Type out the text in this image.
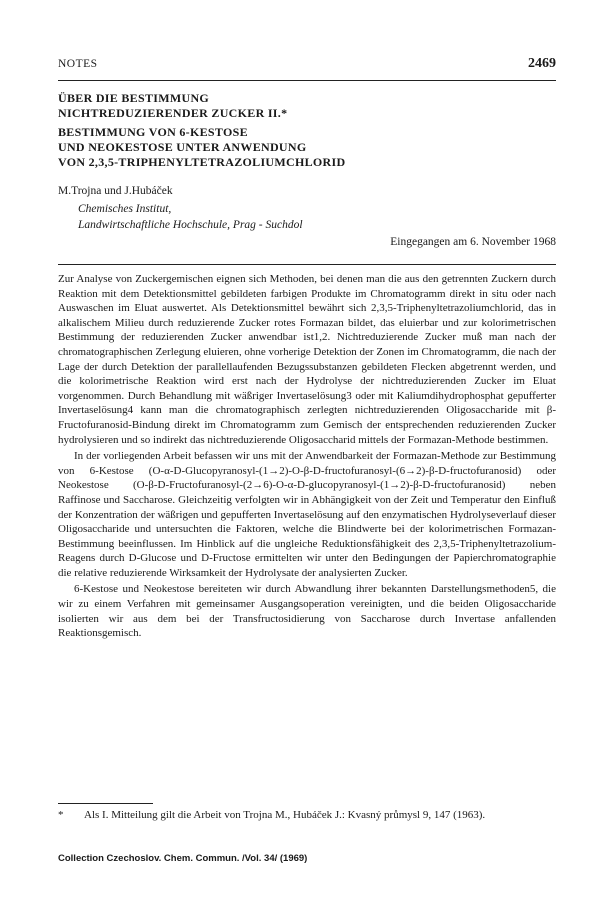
NOTES	2469
ÜBER DIE BESTIMMUNG
NICHTREDUZIERENDER ZUCKER II.*
BESTIMMUNG VON 6-KESTOSE
UND NEOKESTOSE UNTER ANWENDUNG
VON 2,3,5-TRIPHENYLTETRAZOLIUMCHLORID
M.Trojna und J.Hubáček
Chemisches Institut,
Landwirtschaftliche Hochschule, Prag - Suchdol
Eingegangen am 6. November 1968

Zur Analyse von Zuckergemischen eignen sich Methoden, bei denen man die aus den getrennten Zuckern durch Reaktion mit dem Detektionsmittel gebildeten farbigen Produkte im Chromatogramm direkt in situ oder nach Auswaschen im Eluat auswertet. Als Detektionsmittel bewährt sich 2,3,5-Triphenyltetrazoliumchlorid, das in alkalischem Milieu durch reduzierende Zucker rotes Formazan bildet, das eluierbar und zur kolorimetrischen Bestimmung der reduzierenden Zucker anwendbar ist1,2. Nichtreduzierende Zucker muß man nach der chromatographischen Zerlegung eluieren, ohne vorherige Detektion der Zonen im Chromatogramm, die nach der Lage der durch Detektion der parallellaufenden Bezugssubstanzen gebildeten Flecken abgetrennt werden, und die kolorimetrische Reaktion wird erst nach der Hydrolyse der nichtreduzierenden Zucker im Eluat vorgenommen. Durch Behandlung mit wäßriger Invertaselösung3 oder mit Kaliumdihydrophosphat gepufferter Invertaselösung4 kann man die chromatographisch zerlegten nichtreduzierenden Oligosaccharide mit β-Fructofuranosid-Bindung direkt im Chromatogramm zum Gemisch der entsprechenden reduzierenden Zucker hydrolysieren und so indirekt das nichtreduzierende Oligosaccharid mittels der Formazan-Methode bestimmen.

In der vorliegenden Arbeit befassen wir uns mit der Anwendbarkeit der Formazan-Methode zur Bestimmung von 6-Kestose (O-α-D-Glucopyranosyl-(1→2)-O-β-D-fructofuranosyl-(6→2)-β-D-fructofuranosid) oder Neokestose (O-β-D-Fructofuranosyl-(2→6)-O-α-D-glucopyranosyl-(1→2)-β-D-fructofuranosid) neben Raffinose und Saccharose. Gleichzeitig verfolgten wir in Abhängigkeit von der Zeit und Temperatur den Einfluß der Konzentration der wäßrigen und gepufferten Invertaselösung auf den enzymatischen Hydrolyseverlauf dieser Oligosaccharide und untersuchten die Faktoren, welche die Blindwerte bei der kolorimetrischen Formazan-Bestimmung beeinflussen. Im Hinblick auf die ungleiche Reduktionsfähigkeit des 2,3,5-Triphenyltetrazolium-Reagens durch D-Glucose und D-Fructose ermittelten wir unter den Bedingungen der Papierchromatographie die relative reduzierende Wirksamkeit der Hydrolysate der analysierten Zucker.

6-Kestose und Neokestose bereiteten wir durch Abwandlung ihrer bekannten Darstellungsmethoden5, die wir zu einem Verfahren mit gemeinsamer Ausgangsoperation vereinigten, und die beiden Oligosaccharide isolierten wir aus dem bei der Transfructosidierung von Saccharose durch Invertase anfallenden Reaktionsgemisch.

* Als I. Mitteilung gilt die Arbeit von Trojna M., Hubáček J.: Kvasný průmysl 9, 147 (1963).
Collection Czechoslov. Chem. Commun. /Vol. 34/ (1969)
